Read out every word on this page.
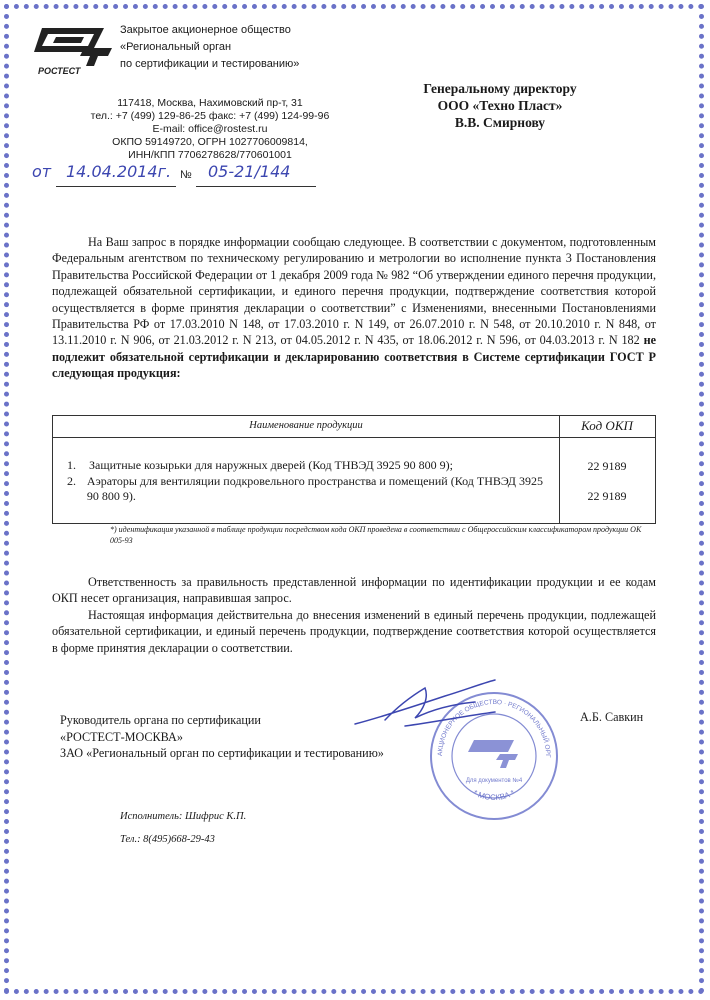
РОСТЕСТ
Закрытое акционерное общество
«Региональный орган
по сертификации и тестированию»
117418, Москва, Нахимовский пр-т, 31
тел.: +7 (499) 129-86-25 факс: +7 (499) 124-99-96
E-mail: office@rostest.ru
ОКПО 59149720, ОГРН 1027706009814,
ИНН/КПП 7706278628/770601001
Генеральному директору
ООО «Техно Пласт»
В.В. Смирнову
от 14.04.2014г. № 05-21/144

На Ваш запрос в порядке информации сообщаю следующее. В соответствии с документом, подготовленным Федеральным агентством по техническому регулированию и метрологии во исполнение пункта 3 Постановления Правительства Российской Федерации от 1 декабря 2009 года № 982 “Об утверждении единого перечня продукции, подлежащей обязательной сертификации, и единого перечня продукции, подтверждение соответствия которой осуществляется в форме принятия декларации о соответствии” с Изменениями, внесенными Постановлениями Правительства РФ от 17.03.2010 N 148, от 17.03.2010 г. N 149, от 26.07.2010 г. N 548, от 20.10.2010 г. N 848, от 13.11.2010 г. N 906, от 21.03.2012 г. N 213, от 04.05.2012 г. N 435, от 18.06.2012 г. N 596, от 04.03.2013 г. N 182 не подлежит обязательной сертификации и декларированию соответствия в Системе сертификации ГОСТ Р следующая продукция:

Наименование продукции	Код ОКП
1.	Защитные козырьки для наружных дверей (Код ТНВЭД 3925 90 800 9);
2. Аэраторы для вентиляции подкровельного пространства и помещений (Код ТНВЭД 3925 90 800 9).
22 9189
22 9189
*) идентификация указанной в таблице продукции посредством кода ОКП проведена в соответствии с Общероссийским классификатором продукции ОК 005-93

Ответственность за правильность представленной информации по идентификации продукции и ее кодам ОКП несет организация, направившая запрос.

Настоящая информация действительна до внесения изменений в единый перечень продукции, подлежащей обязательной сертификации, и единый перечень продукции, подтверждение соответствия которой осуществляется в форме принятия декларации о соответствии.

АКЦИОНЕРНОЕ ОБЩЕСТВО · РЕГИОНАЛЬНЫЙ ОРГ
* МОСКВА *
Для документов №4
Руководитель органа по сертификации
«РОСТЕСТ-МОСКВА»
ЗАО «Региональный орган по сертификации и тестированию»
А.Б. Савкин
Исполнитель: Шифрис К.П.
Тел.: 8(495)668-29-43
